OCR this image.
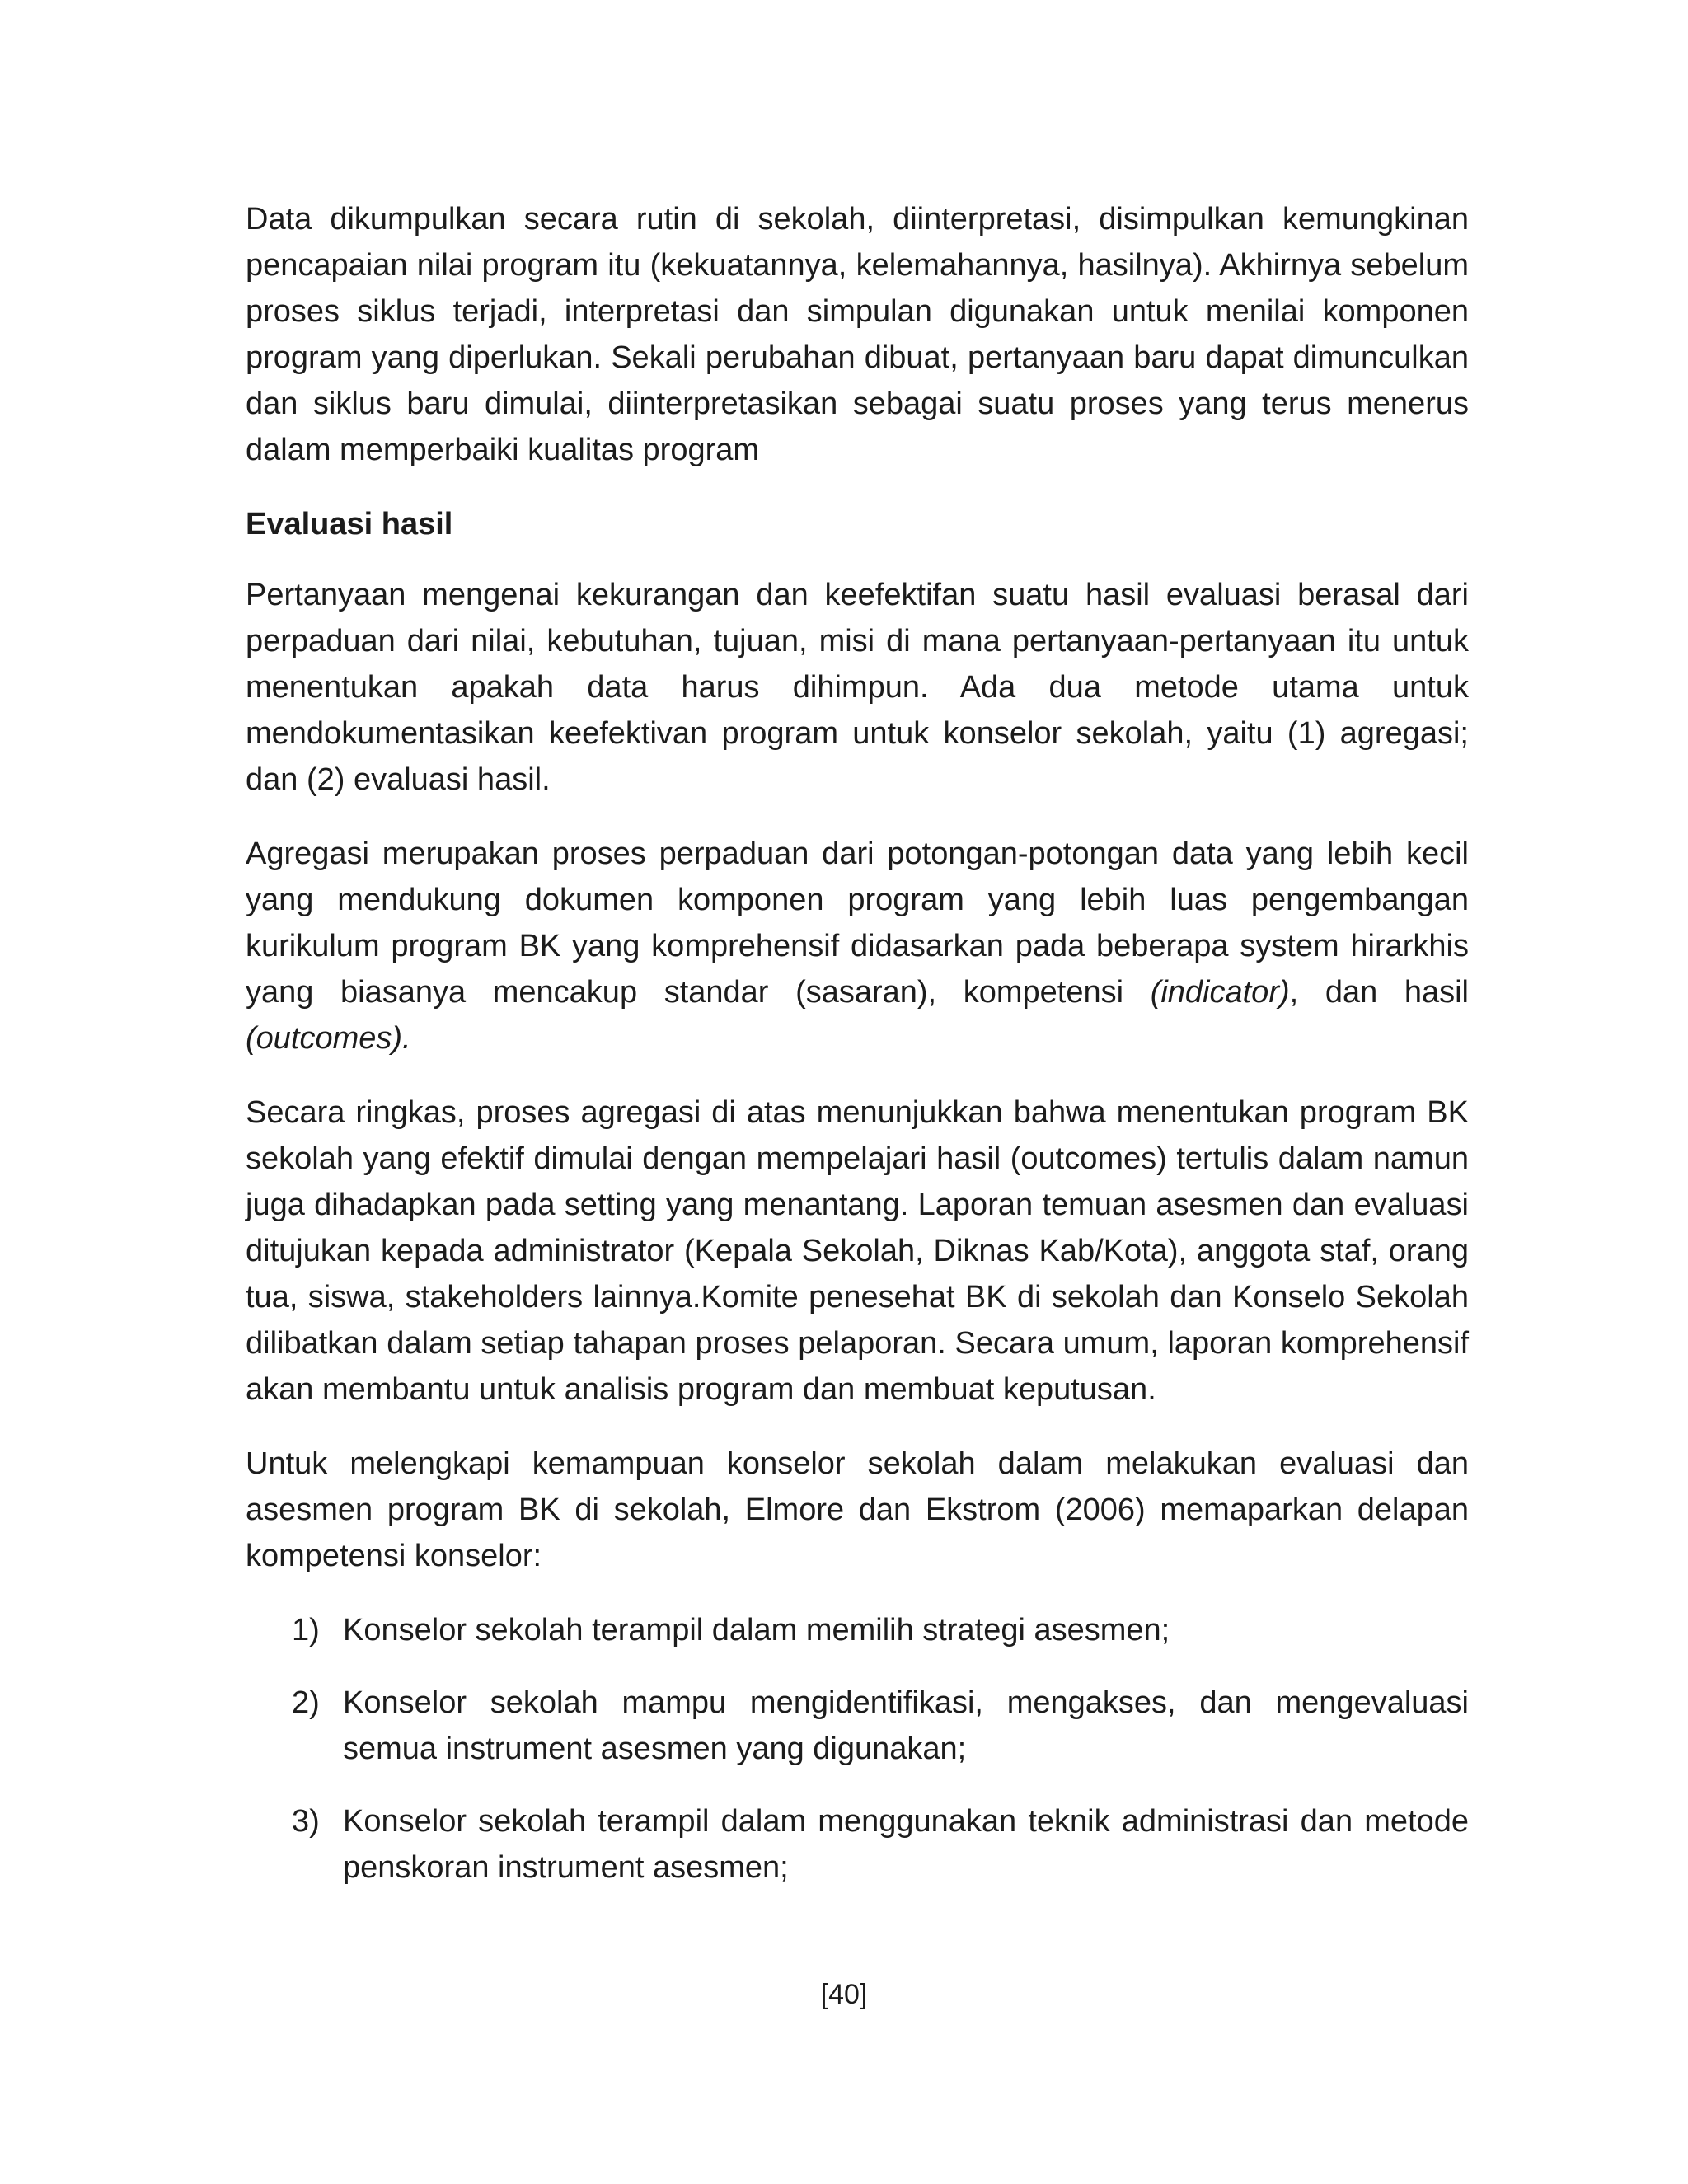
Data dikumpulkan secara rutin di sekolah, diinterpretasi, disimpulkan kemungkinan pencapaian nilai program itu (kekuatannya, kelemahannya, hasilnya). Akhirnya sebelum proses siklus terjadi, interpretasi dan simpulan digunakan untuk menilai komponen program yang diperlukan. Sekali perubahan dibuat, pertanyaan baru dapat dimunculkan dan siklus baru dimulai, diinterpretasikan sebagai suatu proses yang terus menerus dalam memperbaiki kualitas program

Evaluasi hasil

Pertanyaan mengenai kekurangan dan keefektifan suatu hasil evaluasi berasal dari perpaduan dari nilai, kebutuhan, tujuan, misi di mana pertanyaan-pertanyaan itu untuk menentukan apakah data harus dihimpun. Ada dua metode utama untuk mendokumentasikan keefektivan program untuk konselor sekolah, yaitu (1) agregasi; dan (2) evaluasi hasil.

Agregasi merupakan proses perpaduan dari potongan-potongan data yang lebih kecil yang mendukung dokumen komponen program yang lebih luas pengembangan kurikulum program BK yang komprehensif didasarkan pada beberapa system hirarkhis yang biasanya mencakup standar (sasaran), kompetensi (indicator), dan hasil (outcomes).

Secara ringkas, proses agregasi di atas menunjukkan bahwa menentukan program BK sekolah yang efektif dimulai dengan mempelajari hasil (outcomes) tertulis dalam namun juga dihadapkan pada setting yang menantang. Laporan temuan asesmen dan evaluasi ditujukan kepada administrator (Kepala Sekolah, Diknas Kab/Kota), anggota staf, orang tua, siswa, stakeholders lainnya.Komite penesehat BK di sekolah dan Konselo Sekolah dilibatkan dalam setiap tahapan proses pelaporan. Secara umum, laporan komprehensif akan membantu untuk analisis program dan membuat keputusan.

Untuk melengkapi kemampuan konselor sekolah dalam melakukan evaluasi dan asesmen program BK di sekolah, Elmore dan Ekstrom (2006) memaparkan delapan kompetensi konselor:

1) Konselor sekolah terampil dalam memilih strategi asesmen;
2) Konselor sekolah mampu mengidentifikasi, mengakses, dan mengevaluasi semua instrument asesmen yang digunakan;
3) Konselor sekolah terampil dalam menggunakan teknik administrasi dan metode penskoran instrument asesmen;
[40]
